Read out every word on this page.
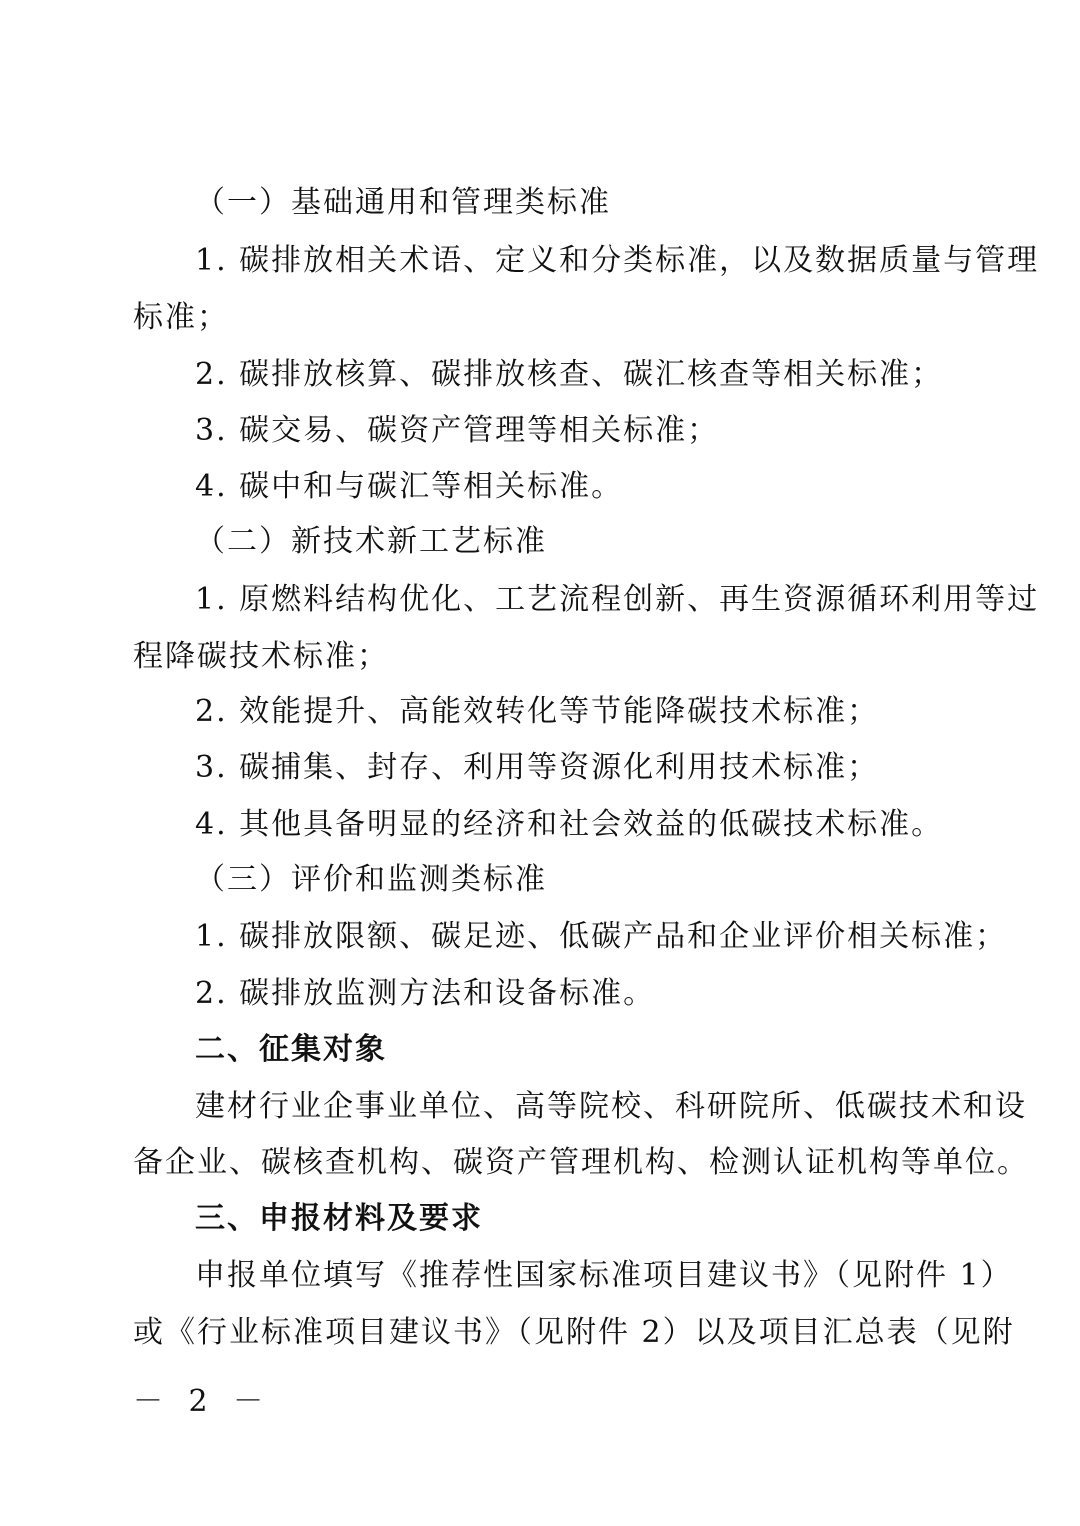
（一）基础通用和管理类标准
1. 碳排放相关术语、定义和分类标准，以及数据质量与管理
标准；
2. 碳排放核算、碳排放核查、碳汇核查等相关标准；
3. 碳交易、碳资产管理等相关标准；
4. 碳中和与碳汇等相关标准。
（二）新技术新工艺标准
1. 原燃料结构优化、工艺流程创新、再生资源循环利用等过
程降碳技术标准；
2. 效能提升、高能效转化等节能降碳技术标准；
3. 碳捕集、封存、利用等资源化利用技术标准；
4. 其他具备明显的经济和社会效益的低碳技术标准。
（三）评价和监测类标准
1. 碳排放限额、碳足迹、低碳产品和企业评价相关标准；
2. 碳排放监测方法和设备标准。
二、征集对象
建材行业企事业单位、高等院校、科研院所、低碳技术和设
备企业、碳核查机构、碳资产管理机构、检测认证机构等单位。
三、申报材料及要求
申报单位填写《推荐性国家标准项目建议书》（见附件 1）
或《行业标准项目建议书》（见附件 2）以及项目汇总表（见附
－ 2 －
